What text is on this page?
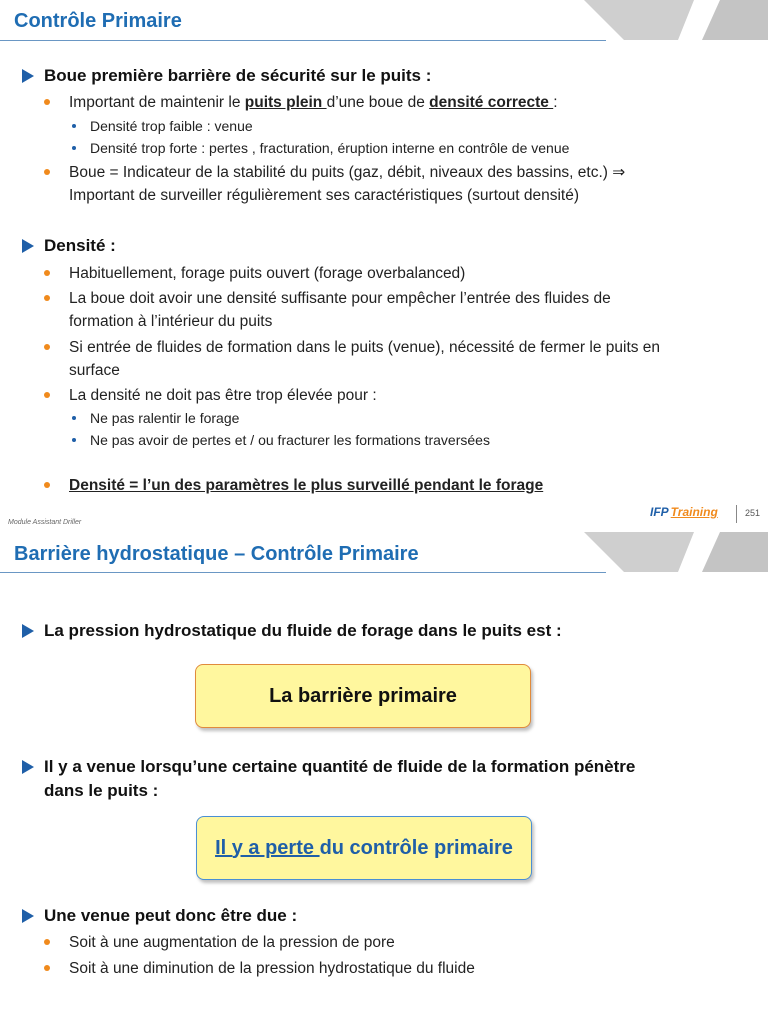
Contrôle Primaire
Boue première barrière de sécurité sur le puits :
Important de maintenir le puits plein d’une boue de densité correcte :
Densité trop faible : venue
Densité trop forte : pertes , fracturation, éruption interne en contrôle de venue
Boue = Indicateur de la stabilité du puits (gaz, débit, niveaux des bassins, etc.) ⇒
Important de surveiller régulièrement ses caractéristiques (surtout densité)
Densité :
Habituellement, forage puits ouvert (forage overbalanced)
La boue doit avoir une densité suffisante pour empêcher l’entrée des fluides de
formation à l’intérieur du puits
Si entrée de fluides de formation dans le puits (venue), nécessité de fermer le puits en
surface
La densité ne doit pas être trop élevée pour :
Ne pas ralentir le forage
Ne pas avoir de pertes et / ou fracturer les formations traversées
Densité = l’un des paramètres le plus surveillé pendant le forage
Module Assistant Driller
IFP Training	251
Barrière hydrostatique – Contrôle Primaire
La pression hydrostatique du fluide de forage dans le puits est :
La barrière primaire
Il y a venue lorsqu’une certaine quantité de fluide de la formation pénètre
dans le puits :
Il y a perte du contrôle primaire
Une venue peut donc être due :
Soit à une augmentation de la pression de pore
Soit à une diminution de la pression hydrostatique du fluide
